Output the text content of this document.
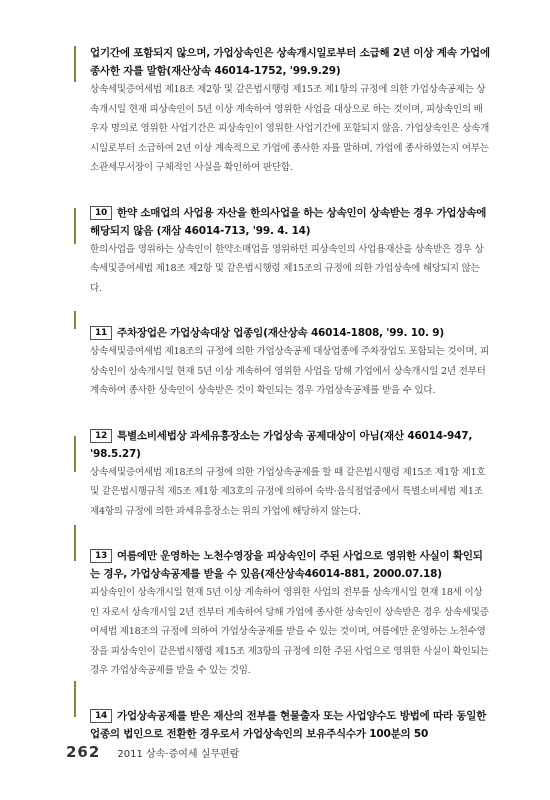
업기간에 포함되지 않으며, 가업상속인은 상속개시일로부터 소급해 2년 이상 계속 가업에 종사한 자를 말함(재산상속 46014-1752, '99.9.29)

상속세및증여세법 제18조 제2항 및 같은법시행령 제15조 제1항의 규정에 의한 가업상속공제는 상속개시일 현재 피상속인이 5년 이상 계속하여 영위한 사업을 대상으로 하는 것이며, 피상속인의 배우자 명의로 영위한 사업기간은 피상속인이 영위한 사업기간에 포함되지 않음. 가업상속인은 상속개시일로부터 소급하여 2년 이상 계속적으로 가업에 종사한 자를 말하며, 가업에 종사하였는지 여부는 소관세무서장이 구체적인 사실을 확인하여 판단함.

10 한약 소매업의 사업용 자산을 한의사업을 하는 상속인이 상속받는 경우 가업상속에 해당되지 않음 (재삼 46014-713, '99. 4. 14)

한의사업을 영위하는 상속인이 한약소매업을 영위하던 피상속인의 사업용재산을 상속받은 경우 상속세및증여세법 제18조 제2항 및 같은법시행령 제15조의 규정에 의한 가업상속에 해당되지 않는다.

11 주차장업은 가업상속대상 업종임(재산상속 46014-1808, '99. 10. 9)

상속세및증여세법 제18조의 규정에 의한 가업상속공제 대상업종에 주차장업도 포함되는 것이며, 피상속인이 상속개시일 현재 5년 이상 계속하여 영위한 사업을 당해 가업에서 상속개시일 2년 전부터 계속하여 종사한 상속인이 상속받은 것이 확인되는 경우 가업상속공제를 받을 수 있다.

12 특별소비세법상 과세유흥장소는 가업상속 공제대상이 아님(재산 46014-947, '98.5.27)

상속세및증여세법 제18조의 규정에 의한 가업상속공제를 할 때 같은법시행령 제15조 제1항 제1호 및 같은법시행규칙 제5조 제1항 제3호의 규정에 의하여 숙박·음식점업중에서 특별소비세법 제1조 제4항의 규정에 의한 과세유흥장소는 위의 가업에 해당하지 않는다.

13 여름에만 운영하는 노천수영장을 피상속인이 주된 사업으로 영위한 사실이 확인되는 경우, 가업상속공제를 받을 수 있음(재산상속46014-881, 2000.07.18)

피상속인이 상속개시일 현재 5년 이상 계속하여 영위한 사업의 전부를 상속개시일 현재 18세 이상인 자로서 상속개시일 2년 전부터 계속하여 당해 가업에 종사한 상속인이 상속받은 경우 상속세및증여세법 제18조의 규정에 의하여 가업상속공제를 받을 수 있는 것이며, 여름에만 운영하는 노천수영장을 피상속인이 같은법시행령 제15조 제3항의 규정에 의한 주된 사업으로 영위한 사실이 확인되는 경우 가업상속공제를 받을 수 있는 것임.

14 가업상속공제를 받은 재산의 전부를 현물출자 또는 사업양수도 방법에 따라 동일한 업종의 법인으로 전환한 경우로서 가업상속인의 보유주식수가 100분의 50

262 2011 상속·증여세 실무편람
